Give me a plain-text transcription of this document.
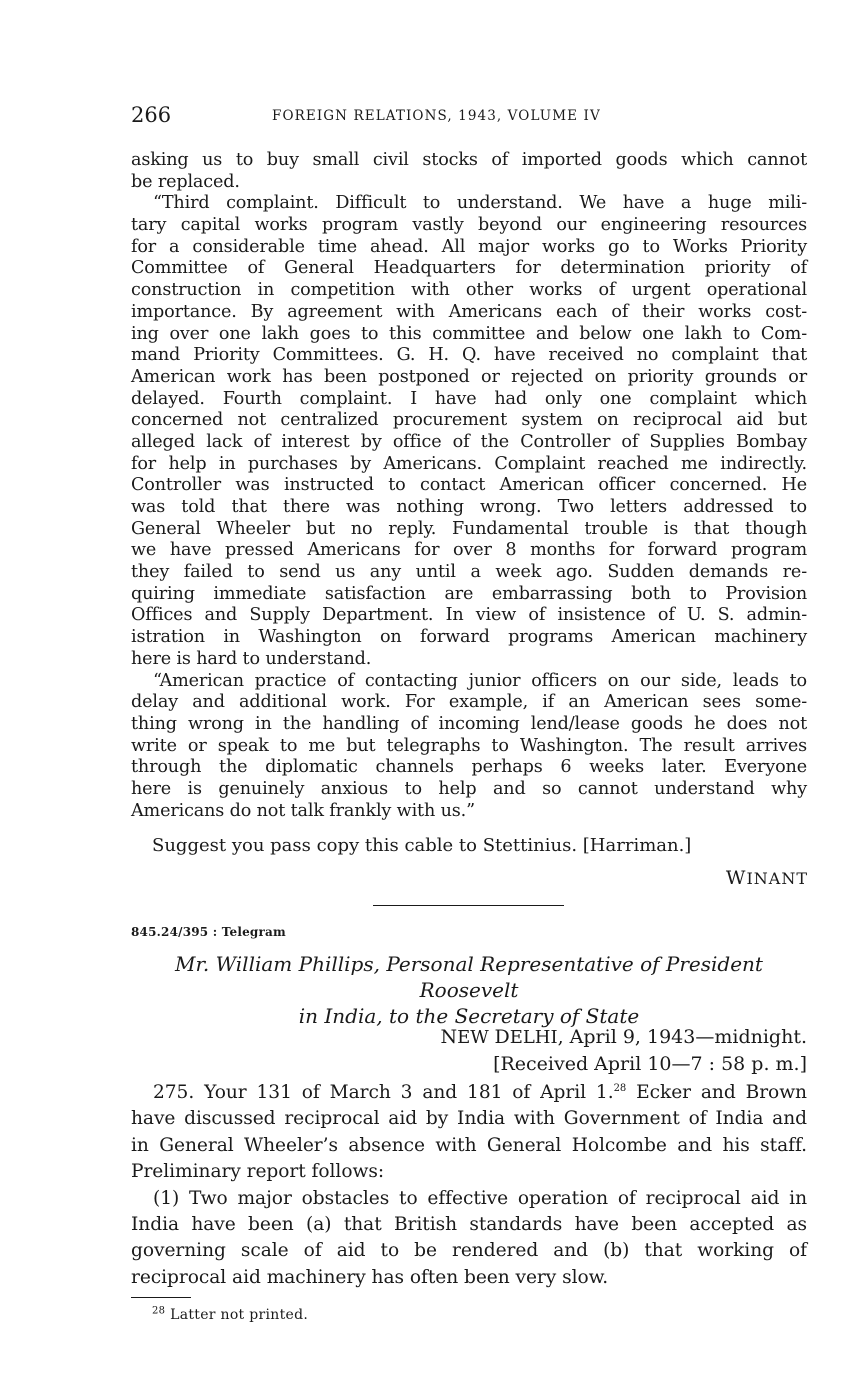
266	FOREIGN RELATIONS, 1943, VOLUME IV
asking us to buy small civil stocks of imported goods which cannot
be replaced.
“Third complaint. Difficult to understand. We have a huge mili-
tary capital works program vastly beyond our engineering resources
for a considerable time ahead. All major works go to Works Priority
Committee of General Headquarters for determination priority of
construction in competition with other works of urgent operational
importance. By agreement with Americans each of their works cost-
ing over one lakh goes to this committee and below one lakh to Com-
mand Priority Committees. G. H. Q. have received no complaint that
American work has been postponed or rejected on priority grounds or
delayed. Fourth complaint. I have had only one complaint which
concerned not centralized procurement system on reciprocal aid but
alleged lack of interest by office of the Controller of Supplies Bombay
for help in purchases by Americans. Complaint reached me indirectly.
Controller was instructed to contact American officer concerned. He
was told that there was nothing wrong. Two letters addressed to
General Wheeler but no reply. Fundamental trouble is that though
we have pressed Americans for over 8 months for forward program
they failed to send us any until a week ago. Sudden demands re-
quiring immediate satisfaction are embarrassing both to Provision
Offices and Supply Department. In view of insistence of U. S. admin-
istration in Washington on forward programs American machinery
here is hard to understand.
“American practice of contacting junior officers on our side, leads to
delay and additional work. For example, if an American sees some-
thing wrong in the handling of incoming lend/lease goods he does not
write or speak to me but telegraphs to Washington. The result arrives
through the diplomatic channels perhaps 6 weeks later. Everyone
here is genuinely anxious to help and so cannot understand why
Americans do not talk frankly with us.”
Suggest you pass copy this cable to Stettinius. [Harriman.]
WINANT
845.24/395 : Telegram
Mr. William Phillips, Personal Representative of President Roosevelt
in India, to the Secretary of State
NEW DELHI, April 9, 1943—midnight.
[Received April 10—7 : 58 p. m.]
275. Your 131 of March 3 and 181 of April 1.28 Ecker and Brown
have discussed reciprocal aid by India with Government of India and
in General Wheeler’s absence with General Holcombe and his staff.
Preliminary report follows:
(1) Two major obstacles to effective operation of reciprocal aid in
India have been (a) that British standards have been accepted as
governing scale of aid to be rendered and (b) that working of
reciprocal aid machinery has often been very slow.
$^{28}$ Latter not printed.
